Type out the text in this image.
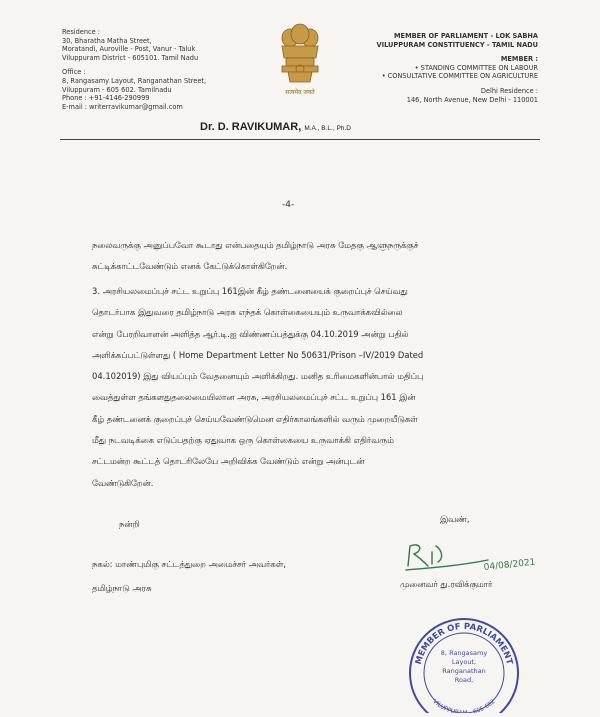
Residence :
30, Bharatha Matha Street,
Moratandi, Auroville - Post, Vanur - Taluk
Viluppuram District - 605101. Tamil Nadu
Office :
8, Rangasamy Layout, Ranganathan Street,
Viluppuram - 605 602. Tamilnadu
Phone : +91-4146-290999
E-mail : writerravikumar@gmail.com
सत्यमेव जयते
MEMBER OF PARLIAMENT - LOK SABHA
VILUPPURAM CONSTITUENCY - TAMIL NADU
MEMBER :
• STANDING COMMITTEE ON LABOUR
• CONSULTATIVE COMMITTEE ON AGRICULTURE
Delhi Residence :
146, North Avenue, New Delhi - 110001
Dr. D. RAVIKUMAR, M.A., B.L., Ph.D
-4-
நலைவருக்கு அனுப்பவோ கூடாது என்பதையும் தமிழ்நாடு அரசு மேதகு ஆளுநருக்குச்
சுட்டிக்காட்டவேண்டும் எனக் கேட்டுக்கொள்கிறேன்.
3. அரசியலமைப்புச் சட்ட உறுப்பு 161இன் கீழ் தண்டனையைக் குறைப்புச் செய்வது
தொடர்பாக இதுவரை தமிழ்நாடு அரசு எந்தக் கொள்கையையும் உருவாக்கவில்லை
என்று பேரறிவாளன் அளித்த ஆர்.டி.ஐ விண்ணப்பத்துக்கு 04.10.2019 அன்று பதில்
அளிக்கப்பட்டுள்ளது ( Home Department Letter No 50631/Prison –IV/2019 Dated
04.102019) இது வியப்பும் வேதனையும் அளிக்கிறது. மனித உரிமைகளின்பால் மதிப்பு
வைத்துள்ள தங்களதுதலைமையிலான அரசு, அரசியலமைப்புச் சட்ட உறுப்பு 161 இன்
கீழ் தண்டனைக் குறைப்புச் செய்யவேண்டுமென எதிர்காலங்களில் வரும் முறையீடுகள்
மீது நடவடிக்கை எடுப்பதற்கு ஏதுவாக ஒரு கொள்கையை உருவாக்கி எதிர்வரும்
சட்டமன்ற கூட்டத் தொடரிலேயே அறிவிக்க வேண்டும் என்று அன்புடன்
வேண்டுகிறேன்.
நன்றி	இவண்,
04/08/2021
நகல்: மாண்புமிகு சட்டத்துறை அமைச்சர் அவர்கள்,
தமிழ்நாடு அரசு	முனைவர் து.ரவிக்குமார்
MEMBER OF PARLIAMENT
VILUPPUR - 605 602
8, Rangasamy
Layout,
Ranganathan
Road,
